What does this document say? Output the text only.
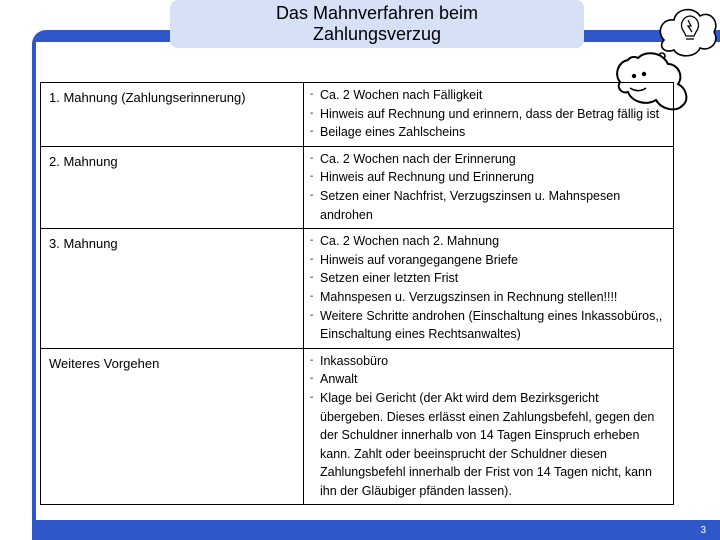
Das Mahnverfahren beim
Zahlungsverzug
1. Mahnung (Zahlungserinnerung)	- Ca. 2 Wochen nach Fälligkeit
- Hinweis auf Rechnung und erinnern, dass der Betrag fällig ist
- Beilage eines Zahlscheins

2. Mahnung	- Ca. 2 Wochen nach der Erinnerung
- Hinweis auf Rechnung und Erinnerung
- Setzen einer Nachfrist, Verzugszinsen u. Mahnspesen androhen

3. Mahnung	- Ca. 2 Wochen nach 2. Mahnung
- Hinweis auf vorangegangene Briefe
- Setzen einer letzten Frist
- Mahnspesen u. Verzugszinsen in Rechnung stellen!!!!
- Weitere Schritte androhen (Einschaltung eines Inkassobüros,, Einschaltung eines Rechtsanwaltes)

Weiteres Vorgehen	- Inkassobüro
- Anwalt
- Klage bei Gericht (der Akt wird dem Bezirksgericht übergeben. Dieses erlässt einen Zahlungsbefehl, gegen den der Schuldner innerhalb von 14 Tagen Einspruch erheben kann. Zahlt oder beeinsprucht der Schuldner diesen Zahlungsbefehl innerhalb der Frist von 14 Tagen nicht, kann ihn der Gläubiger pfänden lassen).
3
